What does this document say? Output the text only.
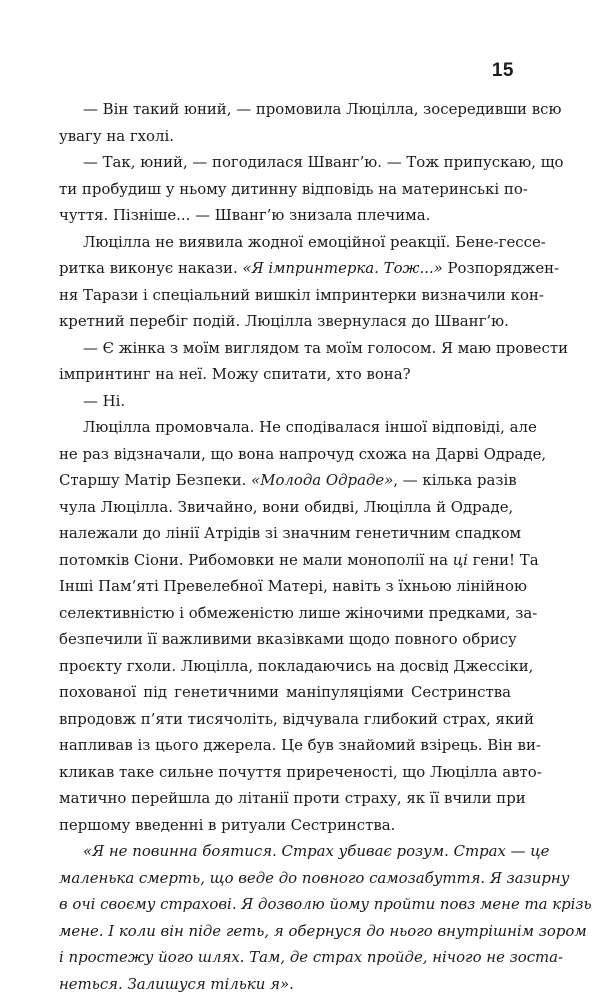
15
— Він такий юний, — промовила Люцілла, зосередивши всю
увагу на гхолі.
— Так, юний, — погодилася Шванг’ю. — Тож припускаю, що
ти пробудиш у ньому дитинну відповідь на материнські по-
чуття. Пізніше... — Шванг’ю знизала плечима.
Люцілла не виявила жодної емоційної реакції. Бене-гессе-
ритка виконує накази. «Я імпринтерка. Тож...» Розпоряджен-
ня Тарази і спеціальний вишкіл імпринтерки визначили кон-
кретний перебіг подій. Люцілла звернулася до Шванг’ю.
— Є жінка з моїм виглядом та моїм голосом. Я маю провести
імпринтинг на неї. Можу спитати, хто вона?
— Ні.
Люцілла промовчала. Не сподівалася іншої відповіді, але
не раз відзначали, що вона напрочуд схожа на Дарві Одраде,
Старшу Матір Безпеки. «Молода Одраде», — кілька разів
чула Люцілла. Звичайно, вони обидві, Люцілла й Одраде,
належали до лінії Атрідів зі значним генетичним спадком
потомків Сіони. Рибомовки не мали монополії на ці гени! Та
Інші Пам’яті Превелебної Матері, навіть з їхньою лінійною
селективністю і обмеженістю лише жіночими предками, за-
безпечили її важливими вказівками щодо повного обрису
проєкту гхоли. Люцілла, покладаючись на досвід Джессіки,
похованої під генетичними маніпуляціями Сестринства
впродовж п’яти тисячоліть, відчувала глибокий страх, який
напливав із цього джерела. Це був знайомий взірець. Він ви-
кликав таке сильне почуття приреченості, що Люцілла авто-
матично перейшла до літанії проти страху, як її вчили при
першому введенні в ритуали Сестринства.
«Я не повинна боятися. Страх убиває розум. Страх — це
маленька смерть, що веде до повного самозабуття. Я зазирну
в очі своєму страхові. Я дозволю йому пройти повз мене та крізь
мене. І коли він піде геть, я обернуся до нього внутрішнім зором
і простежу його шлях. Там, де страх пройде, нічого не зоста-
неться. Залишуся тільки я».
